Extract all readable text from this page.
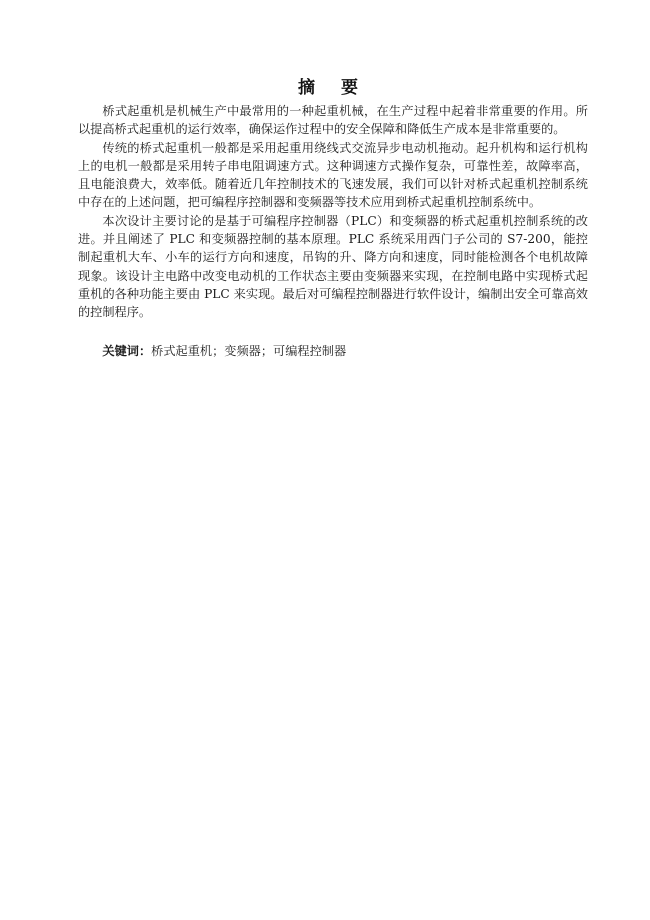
摘 要

桥式起重机是机械生产中最常用的一种起重机械，在生产过程中起着非常重要的作用。所以提高桥式起重机的运行效率，确保运作过程中的安全保障和降低生产成本是非常重要的。

传统的桥式起重机一般都是采用起重用绕线式交流异步电动机拖动。起升机构和运行机构上的电机一般都是采用转子串电阻调速方式。这种调速方式操作复杂，可靠性差，故障率高，且电能浪费大，效率低。随着近几年控制技术的飞速发展，我们可以针对桥式起重机控制系统中存在的上述问题，把可编程序控制器和变频器等技术应用到桥式起重机控制系统中。

本次设计主要讨论的是基于可编程序控制器（PLC）和变频器的桥式起重机控制系统的改进。并且阐述了 PLC 和变频器控制的基本原理。PLC 系统采用西门子公司的 S7-200，能控制起重机大车、小车的运行方向和速度，吊钩的升、降方向和速度，同时能检测各个电机故障现象。该设计主电路中改变电动机的工作状态主要由变频器来实现，在控制电路中实现桥式起重机的各种功能主要由 PLC 来实现。最后对可编程控制器进行软件设计，编制出安全可靠高效的控制程序。

关键词：桥式起重机；变频器；可编程控制器
